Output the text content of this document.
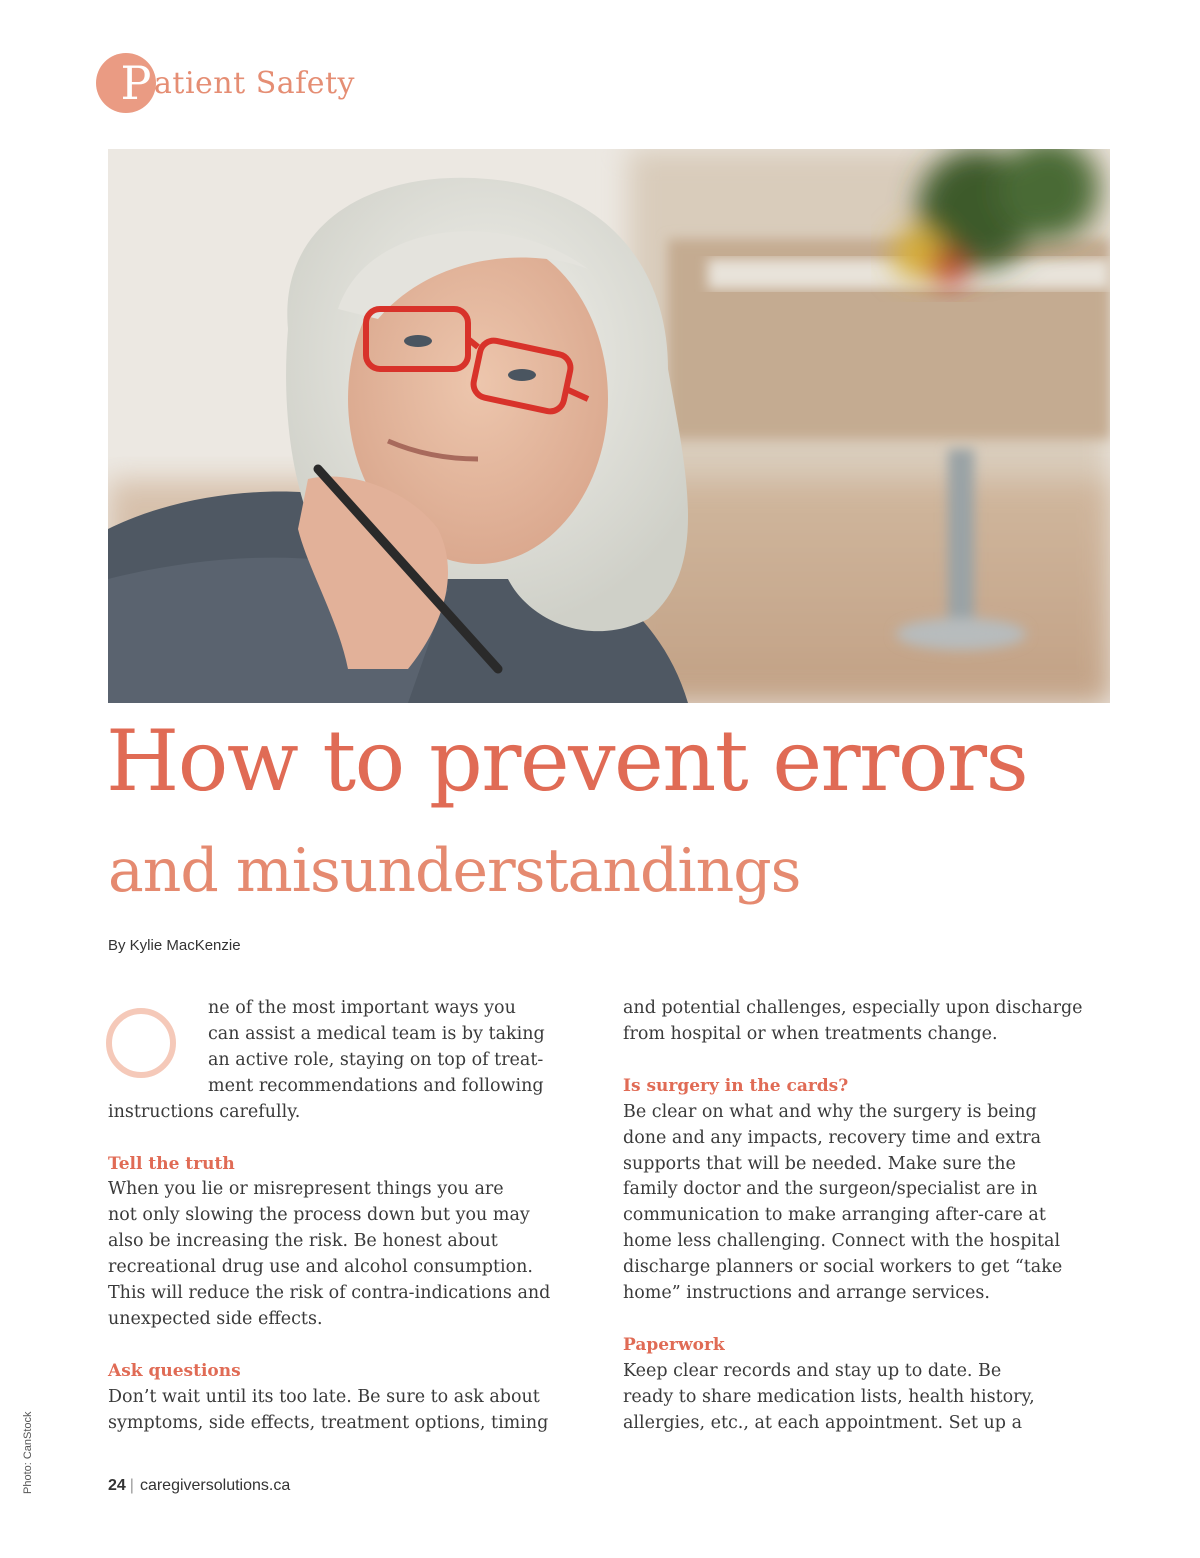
P atient Safety
How to prevent errors
and misunderstandings
By Kylie MacKenzie

ne of the most important ways you
can assist a medical team is by taking
an active role, staying on top of treat-
ment recommendations and following
instructions carefully.

Tell the truth

When you lie or misrepresent things you are
not only slowing the process down but you may
also be increasing the risk. Be honest about
recreational drug use and alcohol consumption.
This will reduce the risk of contra-indications and
unexpected side effects.

Ask questions

Don’t wait until its too late. Be sure to ask about
symptoms, side effects, treatment options, timing

and potential challenges, especially upon discharge
from hospital or when treatments change.

Is surgery in the cards?

Be clear on what and why the surgery is being
done and any impacts, recovery time and extra
supports that will be needed. Make sure the
family doctor and the surgeon/specialist are in
communication to make arranging after-care at
home less challenging. Connect with the hospital
discharge planners or social workers to get “take
home” instructions and arrange services.

Paperwork

Keep clear records and stay up to date. Be
ready to share medication lists, health history,
allergies, etc., at each appointment. Set up a

Photo: CanStock	24 | caregiversolutions.ca
